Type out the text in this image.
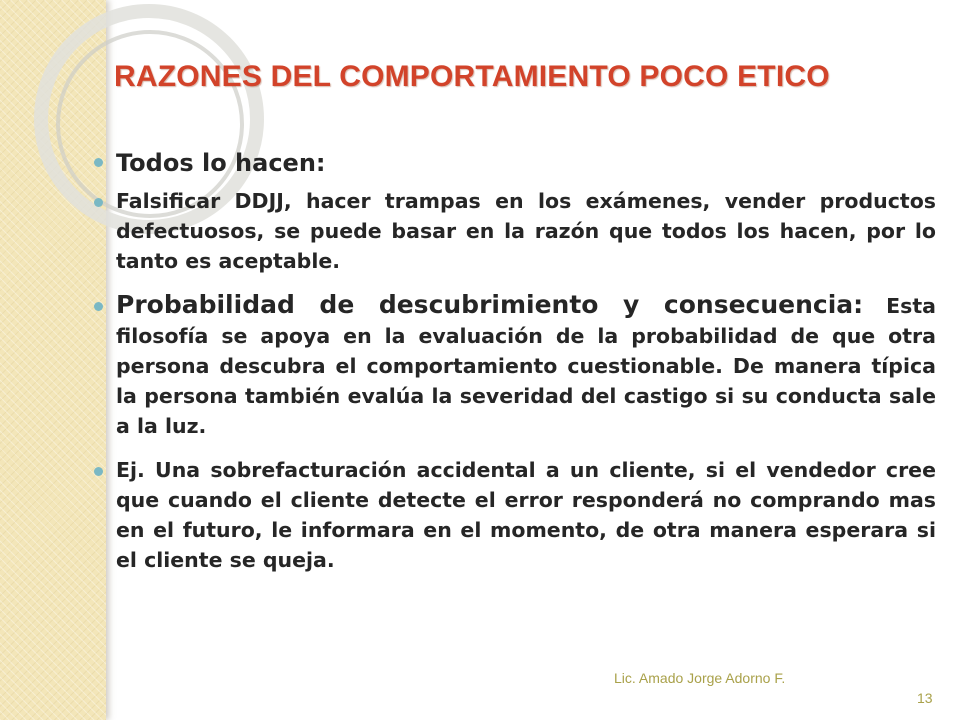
RAZONES DEL COMPORTAMIENTO POCO ETICO
Todos lo hacen:
Falsificar DDJJ, hacer trampas en los exámenes, vender productos defectuosos, se puede basar en la razón que todos los hacen, por lo tanto es aceptable.
Probabilidad de descubrimiento y consecuencia: Esta filosofía se apoya en la evaluación de la probabilidad de que otra persona descubra el comportamiento cuestionable. De manera típica la persona también evalúa la severidad del castigo si su conducta sale a la luz.
Ej. Una sobrefacturación accidental a un cliente, si el vendedor cree que cuando el cliente detecte el error responderá no comprando mas en el futuro, le informara en el momento, de otra manera esperara si el cliente se queja.
Lic. Amado Jorge Adorno F.
13
